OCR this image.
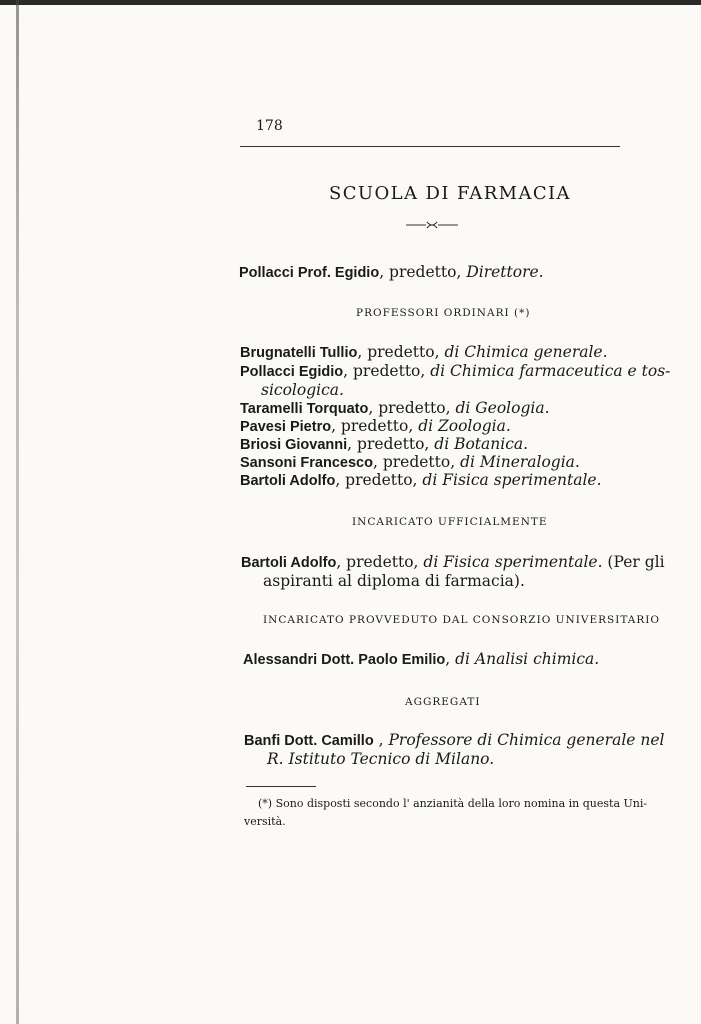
178
SCUOLA DI FARMACIA
Pollacci Prof. Egidio, predetto, Direttore.
PROFESSORI ORDINARI (*)
Brugnatelli Tullio, predetto, di Chimica generale.
Pollacci Egidio, predetto, di Chimica farmaceutica e tos-
sicologica.
Taramelli Torquato, predetto, di Geologia.
Pavesi Pietro, predetto, di Zoologia.
Briosi Giovanni, predetto, di Botanica.
Sansoni Francesco, predetto, di Mineralogia.
Bartoli Adolfo, predetto, di Fisica sperimentale.
INCARICATO UFFICIALMENTE
Bartoli Adolfo, predetto, di Fisica sperimentale. (Per gli
aspiranti al diploma di farmacia).
INCARICATO PROVVEDUTO DAL CONSORZIO UNIVERSITARIO
Alessandri Dott. Paolo Emilio, di Analisi chimica.
AGGREGATI
Banfi Dott. Camillo , Professore di Chimica generale nel
R. Istituto Tecnico di Milano.
(*) Sono disposti secondo l' anzianità della loro nomina in questa Uni-
versità.
